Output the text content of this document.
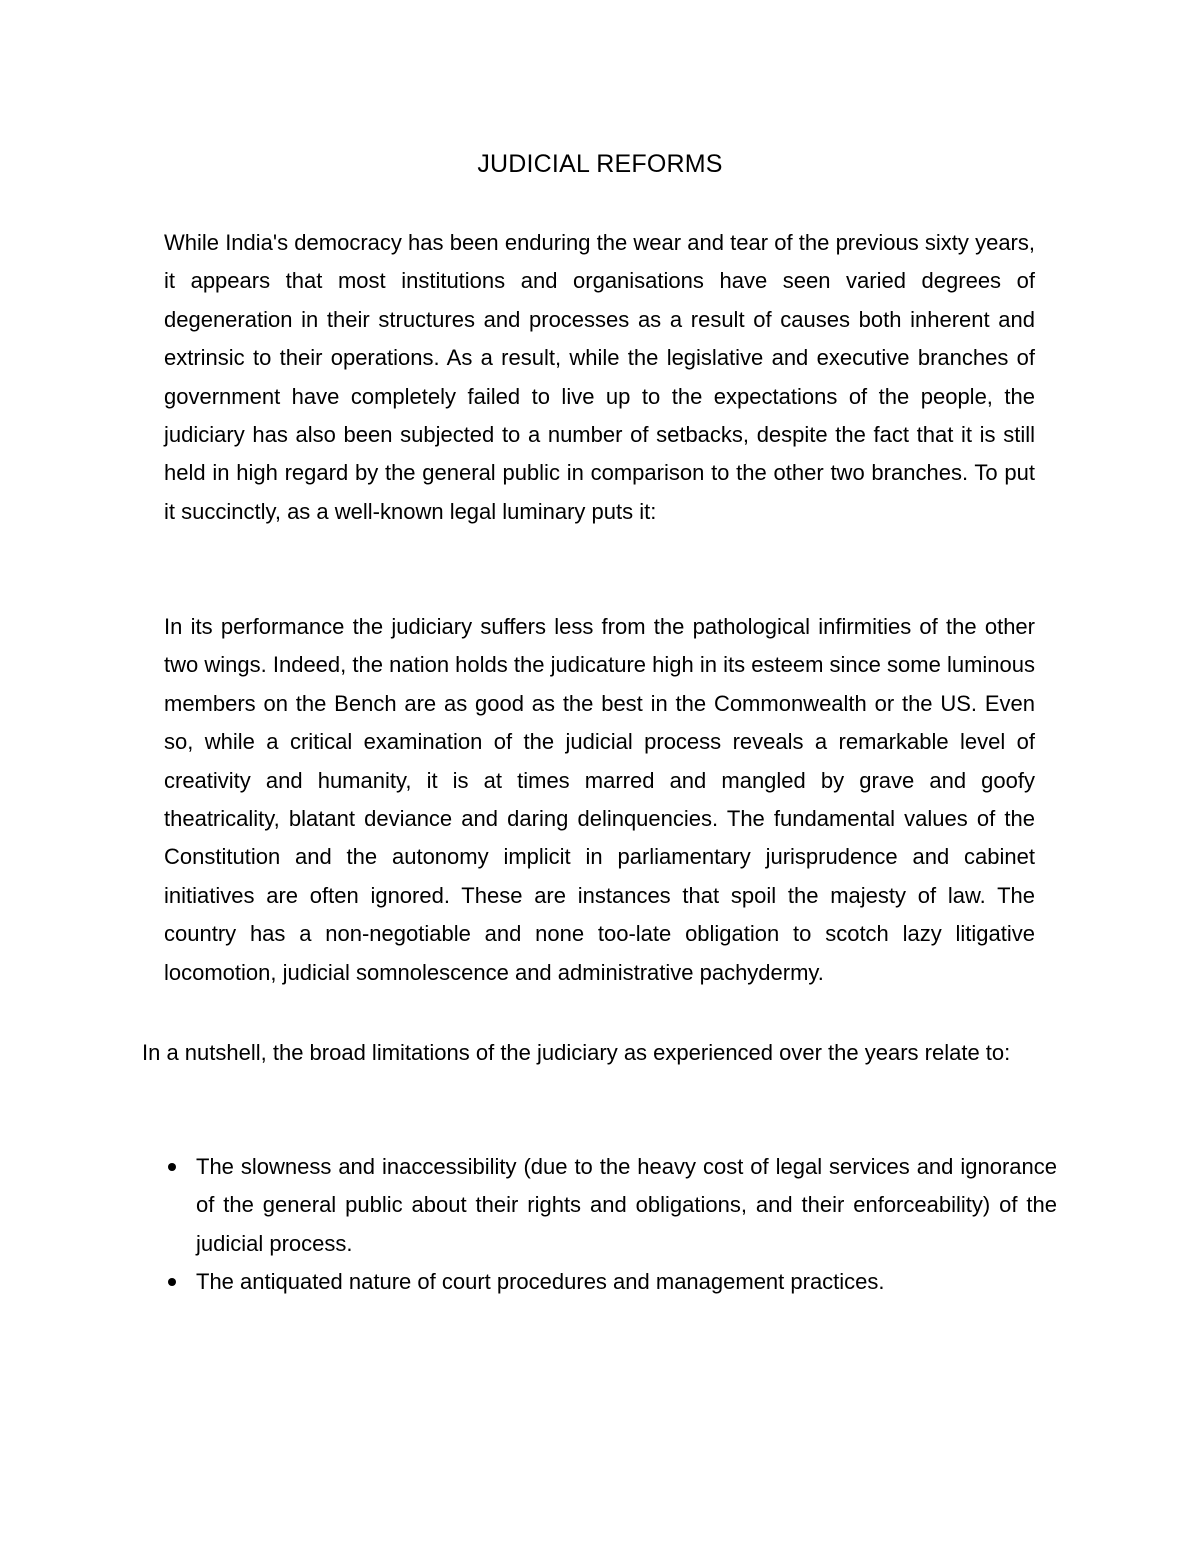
JUDICIAL REFORMS

While India's democracy has been enduring the wear and tear of the previous sixty years, it appears that most institutions and organisations have seen varied degrees of degeneration in their structures and processes as a result of causes both inherent and extrinsic to their operations. As a result, while the legislative and executive branches of government have completely failed to live up to the expectations of the people, the judiciary has also been subjected to a number of setbacks, despite the fact that it is still held in high regard by the general public in comparison to the other two branches. To put it succinctly, as a well-known legal luminary puts it:

In its performance the judiciary suffers less from the pathological infirmities of the other two wings. Indeed, the nation holds the judicature high in its esteem since some luminous members on the Bench are as good as the best in the Commonwealth or the US. Even so, while a critical examination of the judicial process reveals a remarkable level of creativity and humanity, it is at times marred and mangled by grave and goofy theatricality, blatant deviance and daring delinquencies. The fundamental values of the Constitution and the autonomy implicit in parliamentary jurisprudence and cabinet initiatives are often ignored. These are instances that spoil the majesty of law. The country has a non-negotiable and none too-late obligation to scotch lazy litigative locomotion, judicial somnolescence and administrative pachydermy.

In a nutshell, the broad limitations of the judiciary as experienced over the years relate to:

The slowness and inaccessibility (due to the heavy cost of legal services and ignorance of the general public about their rights and obligations, and their enforceability) of the judicial process.
The antiquated nature of court procedures and management practices.
